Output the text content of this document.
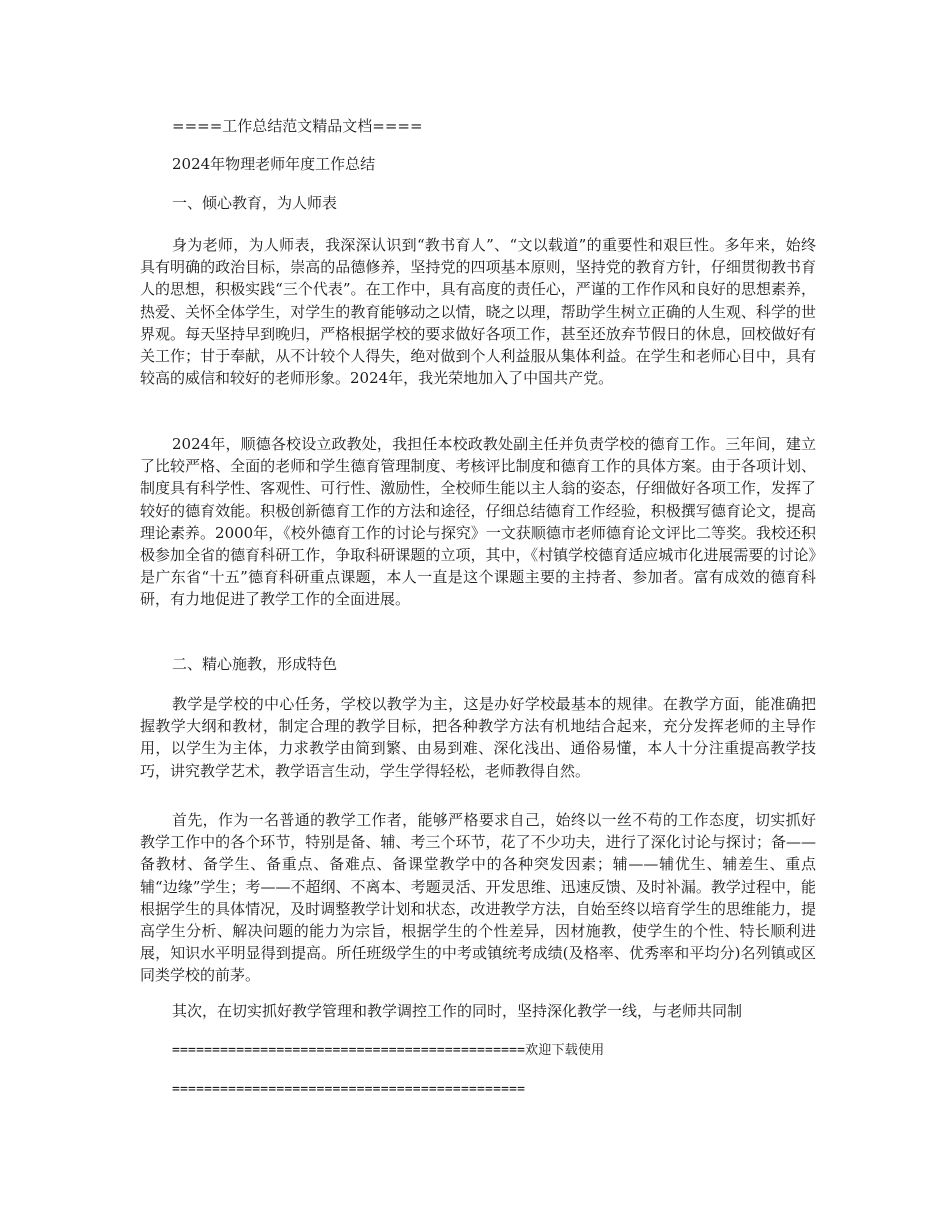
====工作总结范文精品文档====
2024年物理老师年度工作总结
一、倾心教育，为人师表
身为老师，为人师表，我深深认识到“教书育人”、“文以载道”的重要性和艰巨性。多年来，始终具有明确的政治目标，崇高的品德修养，坚持党的四项基本原则，坚持党的教育方针，仔细贯彻教书育人的思想，积极实践“三个代表”。在工作中，具有高度的责任心，严谨的工作作风和良好的思想素养，热爱、关怀全体学生，对学生的教育能够动之以情，晓之以理，帮助学生树立正确的人生观、科学的世界观。每天坚持早到晚归，严格根据学校的要求做好各项工作，甚至还放弃节假日的休息，回校做好有关工作；甘于奉献，从不计较个人得失，绝对做到个人利益服从集体利益。在学生和老师心目中，具有较高的威信和较好的老师形象。2024年，我光荣地加入了中国共产党。
2024年，顺德各校设立政教处，我担任本校政教处副主任并负责学校的德育工作。三年间，建立了比较严格、全面的老师和学生德育管理制度、考核评比制度和德育工作的具体方案。由于各项计划、制度具有科学性、客观性、可行性、激励性，全校师生能以主人翁的姿态，仔细做好各项工作，发挥了较好的德育效能。积极创新德育工作的方法和途径，仔细总结德育工作经验，积极撰写德育论文，提高理论素养。2000年，《校外德育工作的讨论与探究》一文获顺德市老师德育论文评比二等奖。我校还积极参加全省的德育科研工作，争取科研课题的立项，其中，《村镇学校德育适应城市化进展需要的讨论》是广东省“十五”德育科研重点课题，本人一直是这个课题主要的主持者、参加者。富有成效的德育科研，有力地促进了教学工作的全面进展。
二、精心施教，形成特色
教学是学校的中心任务，学校以教学为主，这是办好学校最基本的规律。在教学方面，能准确把握教学大纲和教材，制定合理的教学目标，把各种教学方法有机地结合起来，充分发挥老师的主导作用，以学生为主体，力求教学由简到繁、由易到难、深化浅出、通俗易懂，本人十分注重提高教学技巧，讲究教学艺术，教学语言生动，学生学得轻松，老师教得自然。
首先，作为一名普通的教学工作者，能够严格要求自己，始终以一丝不苟的工作态度，切实抓好教学工作中的各个环节，特别是备、辅、考三个环节，花了不少功夫，进行了深化讨论与探讨；备——备教材、备学生、备重点、备难点、备课堂教学中的各种突发因素；辅——辅优生、辅差生、重点辅“边缘”学生；考——不超纲、不离本、考题灵活、开发思维、迅速反馈、及时补漏。教学过程中，能根据学生的具体情况，及时调整教学计划和状态，改进教学方法，自始至终以培育学生的思维能力，提高学生分析、解决问题的能力为宗旨，根据学生的个性差异，因材施教，使学生的个性、特长顺利进展，知识水平明显得到提高。所任班级学生的中考或镇统考成绩(及格率、优秀率和平均分)名列镇或区同类学校的前茅。
其次，在切实抓好教学管理和教学调控工作的同时，坚持深化教学一线，与老师共同制
============================================欢迎下载使用
============================================
